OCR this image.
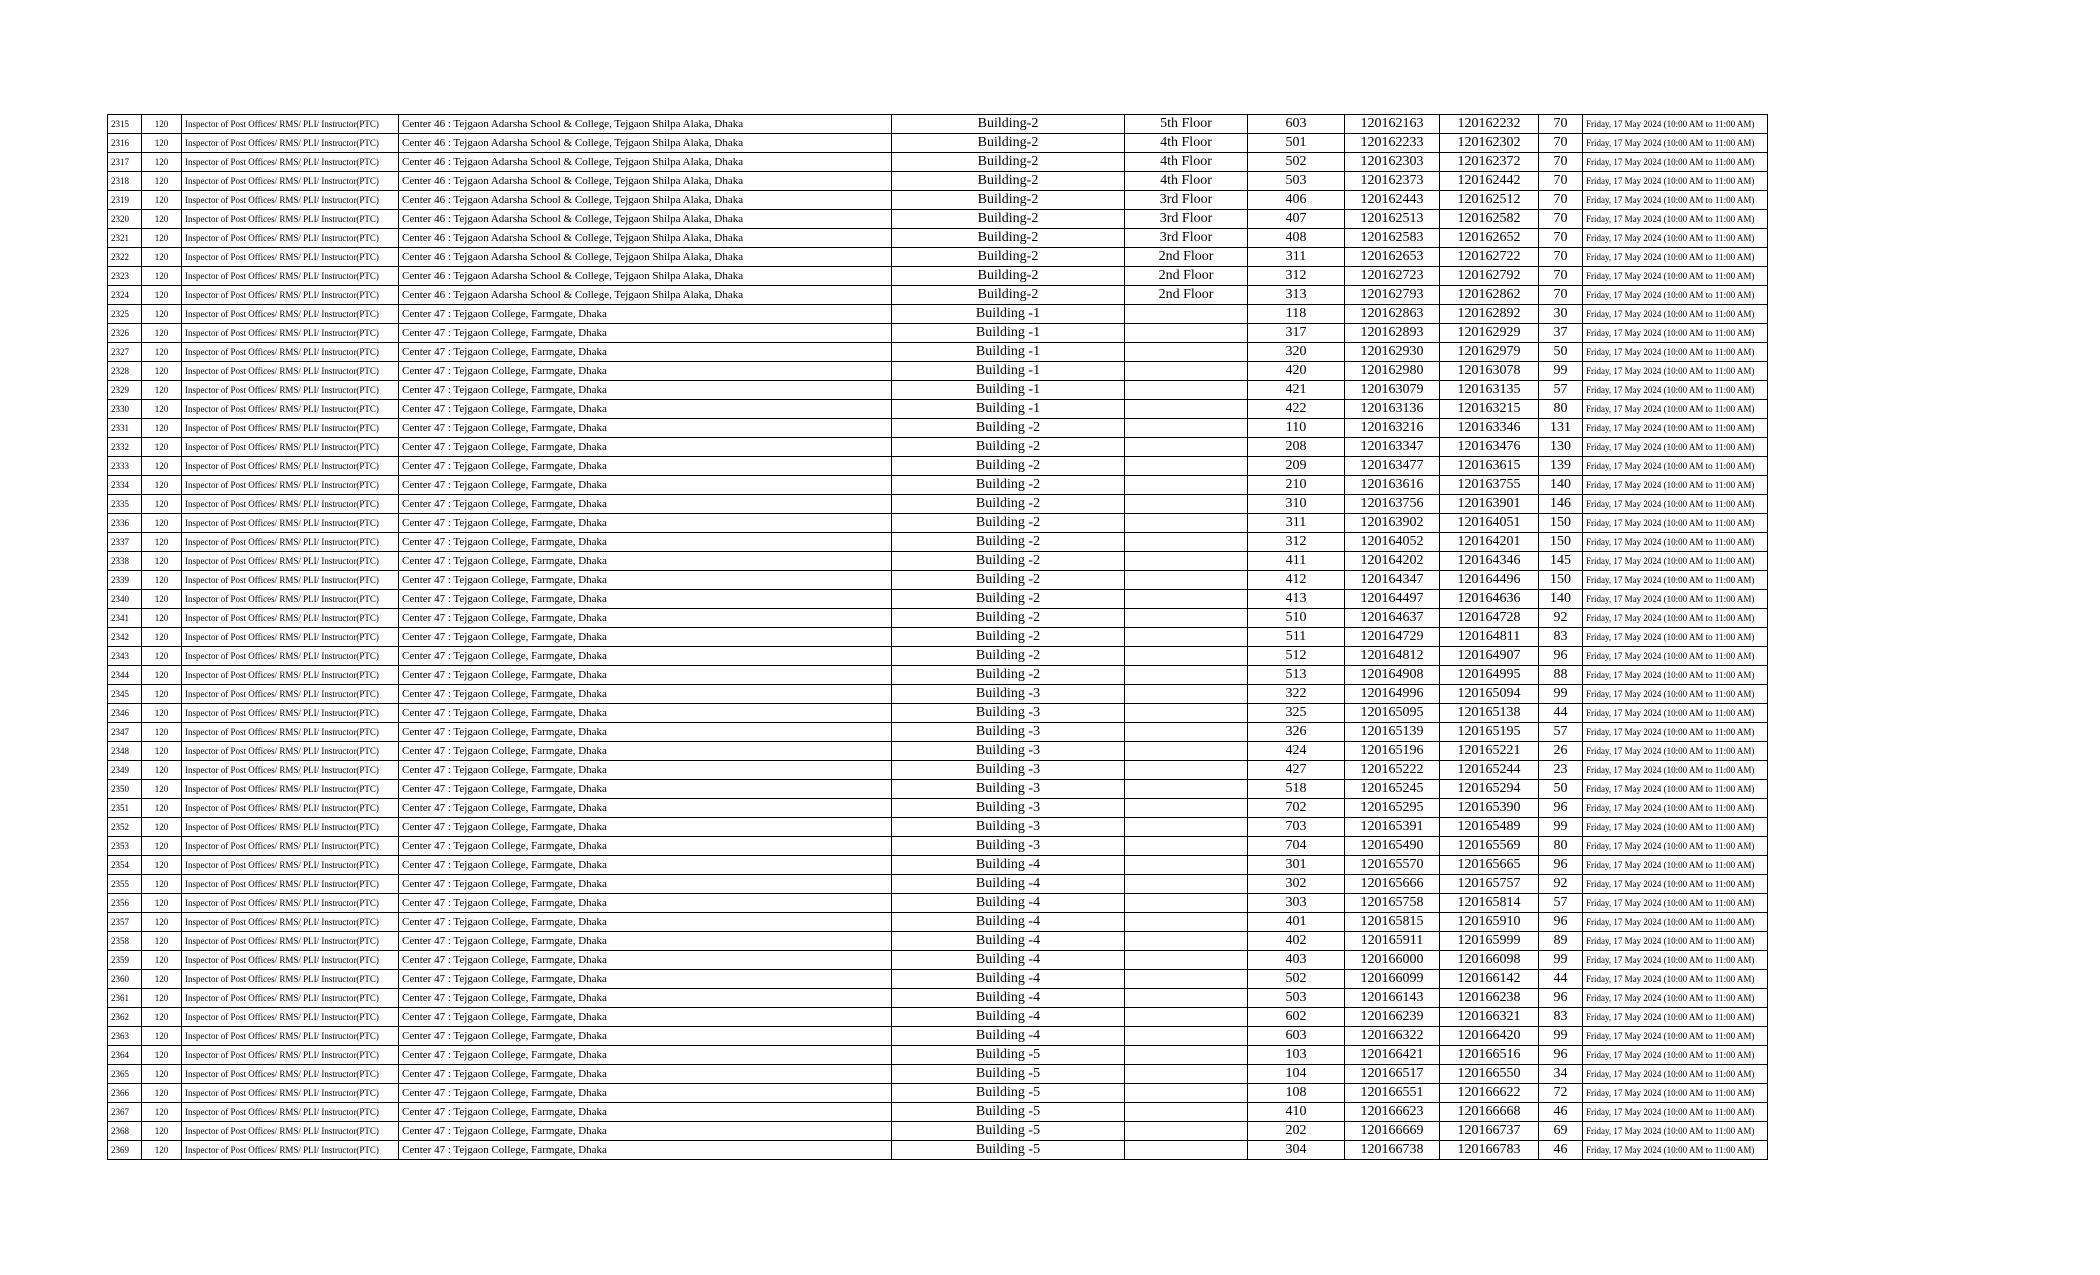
2315	120	Inspector of Post Offices/ RMS/ PLI/ Instructor(PTC)	Center 46 : Tejgaon Adarsha School & College, Tejgaon Shilpa Alaka, Dhaka	Building-2	5th Floor	603	120162163	120162232	70	Friday, 17 May 2024 (10:00 AM to 11:00 AM)
2316	120	Inspector of Post Offices/ RMS/ PLI/ Instructor(PTC)	Center 46 : Tejgaon Adarsha School & College, Tejgaon Shilpa Alaka, Dhaka	Building-2	4th Floor	501	120162233	120162302	70	Friday, 17 May 2024 (10:00 AM to 11:00 AM)
2317	120	Inspector of Post Offices/ RMS/ PLI/ Instructor(PTC)	Center 46 : Tejgaon Adarsha School & College, Tejgaon Shilpa Alaka, Dhaka	Building-2	4th Floor	502	120162303	120162372	70	Friday, 17 May 2024 (10:00 AM to 11:00 AM)
2318	120	Inspector of Post Offices/ RMS/ PLI/ Instructor(PTC)	Center 46 : Tejgaon Adarsha School & College, Tejgaon Shilpa Alaka, Dhaka	Building-2	4th Floor	503	120162373	120162442	70	Friday, 17 May 2024 (10:00 AM to 11:00 AM)
2319	120	Inspector of Post Offices/ RMS/ PLI/ Instructor(PTC)	Center 46 : Tejgaon Adarsha School & College, Tejgaon Shilpa Alaka, Dhaka	Building-2	3rd Floor	406	120162443	120162512	70	Friday, 17 May 2024 (10:00 AM to 11:00 AM)
2320	120	Inspector of Post Offices/ RMS/ PLI/ Instructor(PTC)	Center 46 : Tejgaon Adarsha School & College, Tejgaon Shilpa Alaka, Dhaka	Building-2	3rd Floor	407	120162513	120162582	70	Friday, 17 May 2024 (10:00 AM to 11:00 AM)
2321	120	Inspector of Post Offices/ RMS/ PLI/ Instructor(PTC)	Center 46 : Tejgaon Adarsha School & College, Tejgaon Shilpa Alaka, Dhaka	Building-2	3rd Floor	408	120162583	120162652	70	Friday, 17 May 2024 (10:00 AM to 11:00 AM)
2322	120	Inspector of Post Offices/ RMS/ PLI/ Instructor(PTC)	Center 46 : Tejgaon Adarsha School & College, Tejgaon Shilpa Alaka, Dhaka	Building-2	2nd Floor	311	120162653	120162722	70	Friday, 17 May 2024 (10:00 AM to 11:00 AM)
2323	120	Inspector of Post Offices/ RMS/ PLI/ Instructor(PTC)	Center 46 : Tejgaon Adarsha School & College, Tejgaon Shilpa Alaka, Dhaka	Building-2	2nd Floor	312	120162723	120162792	70	Friday, 17 May 2024 (10:00 AM to 11:00 AM)
2324	120	Inspector of Post Offices/ RMS/ PLI/ Instructor(PTC)	Center 46 : Tejgaon Adarsha School & College, Tejgaon Shilpa Alaka, Dhaka	Building-2	2nd Floor	313	120162793	120162862	70	Friday, 17 May 2024 (10:00 AM to 11:00 AM)
2325	120	Inspector of Post Offices/ RMS/ PLI/ Instructor(PTC)	Center 47 : Tejgaon College, Farmgate, Dhaka	Building -1		118	120162863	120162892	30	Friday, 17 May 2024 (10:00 AM to 11:00 AM)
2326	120	Inspector of Post Offices/ RMS/ PLI/ Instructor(PTC)	Center 47 : Tejgaon College, Farmgate, Dhaka	Building -1		317	120162893	120162929	37	Friday, 17 May 2024 (10:00 AM to 11:00 AM)
2327	120	Inspector of Post Offices/ RMS/ PLI/ Instructor(PTC)	Center 47 : Tejgaon College, Farmgate, Dhaka	Building -1		320	120162930	120162979	50	Friday, 17 May 2024 (10:00 AM to 11:00 AM)
2328	120	Inspector of Post Offices/ RMS/ PLI/ Instructor(PTC)	Center 47 : Tejgaon College, Farmgate, Dhaka	Building -1		420	120162980	120163078	99	Friday, 17 May 2024 (10:00 AM to 11:00 AM)
2329	120	Inspector of Post Offices/ RMS/ PLI/ Instructor(PTC)	Center 47 : Tejgaon College, Farmgate, Dhaka	Building -1		421	120163079	120163135	57	Friday, 17 May 2024 (10:00 AM to 11:00 AM)
2330	120	Inspector of Post Offices/ RMS/ PLI/ Instructor(PTC)	Center 47 : Tejgaon College, Farmgate, Dhaka	Building -1		422	120163136	120163215	80	Friday, 17 May 2024 (10:00 AM to 11:00 AM)
2331	120	Inspector of Post Offices/ RMS/ PLI/ Instructor(PTC)	Center 47 : Tejgaon College, Farmgate, Dhaka	Building -2		110	120163216	120163346	131	Friday, 17 May 2024 (10:00 AM to 11:00 AM)
2332	120	Inspector of Post Offices/ RMS/ PLI/ Instructor(PTC)	Center 47 : Tejgaon College, Farmgate, Dhaka	Building -2		208	120163347	120163476	130	Friday, 17 May 2024 (10:00 AM to 11:00 AM)
2333	120	Inspector of Post Offices/ RMS/ PLI/ Instructor(PTC)	Center 47 : Tejgaon College, Farmgate, Dhaka	Building -2		209	120163477	120163615	139	Friday, 17 May 2024 (10:00 AM to 11:00 AM)
2334	120	Inspector of Post Offices/ RMS/ PLI/ Instructor(PTC)	Center 47 : Tejgaon College, Farmgate, Dhaka	Building -2		210	120163616	120163755	140	Friday, 17 May 2024 (10:00 AM to 11:00 AM)
2335	120	Inspector of Post Offices/ RMS/ PLI/ Instructor(PTC)	Center 47 : Tejgaon College, Farmgate, Dhaka	Building -2		310	120163756	120163901	146	Friday, 17 May 2024 (10:00 AM to 11:00 AM)
2336	120	Inspector of Post Offices/ RMS/ PLI/ Instructor(PTC)	Center 47 : Tejgaon College, Farmgate, Dhaka	Building -2		311	120163902	120164051	150	Friday, 17 May 2024 (10:00 AM to 11:00 AM)
2337	120	Inspector of Post Offices/ RMS/ PLI/ Instructor(PTC)	Center 47 : Tejgaon College, Farmgate, Dhaka	Building -2		312	120164052	120164201	150	Friday, 17 May 2024 (10:00 AM to 11:00 AM)
2338	120	Inspector of Post Offices/ RMS/ PLI/ Instructor(PTC)	Center 47 : Tejgaon College, Farmgate, Dhaka	Building -2		411	120164202	120164346	145	Friday, 17 May 2024 (10:00 AM to 11:00 AM)
2339	120	Inspector of Post Offices/ RMS/ PLI/ Instructor(PTC)	Center 47 : Tejgaon College, Farmgate, Dhaka	Building -2		412	120164347	120164496	150	Friday, 17 May 2024 (10:00 AM to 11:00 AM)
2340	120	Inspector of Post Offices/ RMS/ PLI/ Instructor(PTC)	Center 47 : Tejgaon College, Farmgate, Dhaka	Building -2		413	120164497	120164636	140	Friday, 17 May 2024 (10:00 AM to 11:00 AM)
2341	120	Inspector of Post Offices/ RMS/ PLI/ Instructor(PTC)	Center 47 : Tejgaon College, Farmgate, Dhaka	Building -2		510	120164637	120164728	92	Friday, 17 May 2024 (10:00 AM to 11:00 AM)
2342	120	Inspector of Post Offices/ RMS/ PLI/ Instructor(PTC)	Center 47 : Tejgaon College, Farmgate, Dhaka	Building -2		511	120164729	120164811	83	Friday, 17 May 2024 (10:00 AM to 11:00 AM)
2343	120	Inspector of Post Offices/ RMS/ PLI/ Instructor(PTC)	Center 47 : Tejgaon College, Farmgate, Dhaka	Building -2		512	120164812	120164907	96	Friday, 17 May 2024 (10:00 AM to 11:00 AM)
2344	120	Inspector of Post Offices/ RMS/ PLI/ Instructor(PTC)	Center 47 : Tejgaon College, Farmgate, Dhaka	Building -2		513	120164908	120164995	88	Friday, 17 May 2024 (10:00 AM to 11:00 AM)
2345	120	Inspector of Post Offices/ RMS/ PLI/ Instructor(PTC)	Center 47 : Tejgaon College, Farmgate, Dhaka	Building -3		322	120164996	120165094	99	Friday, 17 May 2024 (10:00 AM to 11:00 AM)
2346	120	Inspector of Post Offices/ RMS/ PLI/ Instructor(PTC)	Center 47 : Tejgaon College, Farmgate, Dhaka	Building -3		325	120165095	120165138	44	Friday, 17 May 2024 (10:00 AM to 11:00 AM)
2347	120	Inspector of Post Offices/ RMS/ PLI/ Instructor(PTC)	Center 47 : Tejgaon College, Farmgate, Dhaka	Building -3		326	120165139	120165195	57	Friday, 17 May 2024 (10:00 AM to 11:00 AM)
2348	120	Inspector of Post Offices/ RMS/ PLI/ Instructor(PTC)	Center 47 : Tejgaon College, Farmgate, Dhaka	Building -3		424	120165196	120165221	26	Friday, 17 May 2024 (10:00 AM to 11:00 AM)
2349	120	Inspector of Post Offices/ RMS/ PLI/ Instructor(PTC)	Center 47 : Tejgaon College, Farmgate, Dhaka	Building -3		427	120165222	120165244	23	Friday, 17 May 2024 (10:00 AM to 11:00 AM)
2350	120	Inspector of Post Offices/ RMS/ PLI/ Instructor(PTC)	Center 47 : Tejgaon College, Farmgate, Dhaka	Building -3		518	120165245	120165294	50	Friday, 17 May 2024 (10:00 AM to 11:00 AM)
2351	120	Inspector of Post Offices/ RMS/ PLI/ Instructor(PTC)	Center 47 : Tejgaon College, Farmgate, Dhaka	Building -3		702	120165295	120165390	96	Friday, 17 May 2024 (10:00 AM to 11:00 AM)
2352	120	Inspector of Post Offices/ RMS/ PLI/ Instructor(PTC)	Center 47 : Tejgaon College, Farmgate, Dhaka	Building -3		703	120165391	120165489	99	Friday, 17 May 2024 (10:00 AM to 11:00 AM)
2353	120	Inspector of Post Offices/ RMS/ PLI/ Instructor(PTC)	Center 47 : Tejgaon College, Farmgate, Dhaka	Building -3		704	120165490	120165569	80	Friday, 17 May 2024 (10:00 AM to 11:00 AM)
2354	120	Inspector of Post Offices/ RMS/ PLI/ Instructor(PTC)	Center 47 : Tejgaon College, Farmgate, Dhaka	Building -4		301	120165570	120165665	96	Friday, 17 May 2024 (10:00 AM to 11:00 AM)
2355	120	Inspector of Post Offices/ RMS/ PLI/ Instructor(PTC)	Center 47 : Tejgaon College, Farmgate, Dhaka	Building -4		302	120165666	120165757	92	Friday, 17 May 2024 (10:00 AM to 11:00 AM)
2356	120	Inspector of Post Offices/ RMS/ PLI/ Instructor(PTC)	Center 47 : Tejgaon College, Farmgate, Dhaka	Building -4		303	120165758	120165814	57	Friday, 17 May 2024 (10:00 AM to 11:00 AM)
2357	120	Inspector of Post Offices/ RMS/ PLI/ Instructor(PTC)	Center 47 : Tejgaon College, Farmgate, Dhaka	Building -4		401	120165815	120165910	96	Friday, 17 May 2024 (10:00 AM to 11:00 AM)
2358	120	Inspector of Post Offices/ RMS/ PLI/ Instructor(PTC)	Center 47 : Tejgaon College, Farmgate, Dhaka	Building -4		402	120165911	120165999	89	Friday, 17 May 2024 (10:00 AM to 11:00 AM)
2359	120	Inspector of Post Offices/ RMS/ PLI/ Instructor(PTC)	Center 47 : Tejgaon College, Farmgate, Dhaka	Building -4		403	120166000	120166098	99	Friday, 17 May 2024 (10:00 AM to 11:00 AM)
2360	120	Inspector of Post Offices/ RMS/ PLI/ Instructor(PTC)	Center 47 : Tejgaon College, Farmgate, Dhaka	Building -4		502	120166099	120166142	44	Friday, 17 May 2024 (10:00 AM to 11:00 AM)
2361	120	Inspector of Post Offices/ RMS/ PLI/ Instructor(PTC)	Center 47 : Tejgaon College, Farmgate, Dhaka	Building -4		503	120166143	120166238	96	Friday, 17 May 2024 (10:00 AM to 11:00 AM)
2362	120	Inspector of Post Offices/ RMS/ PLI/ Instructor(PTC)	Center 47 : Tejgaon College, Farmgate, Dhaka	Building -4		602	120166239	120166321	83	Friday, 17 May 2024 (10:00 AM to 11:00 AM)
2363	120	Inspector of Post Offices/ RMS/ PLI/ Instructor(PTC)	Center 47 : Tejgaon College, Farmgate, Dhaka	Building -4		603	120166322	120166420	99	Friday, 17 May 2024 (10:00 AM to 11:00 AM)
2364	120	Inspector of Post Offices/ RMS/ PLI/ Instructor(PTC)	Center 47 : Tejgaon College, Farmgate, Dhaka	Building -5		103	120166421	120166516	96	Friday, 17 May 2024 (10:00 AM to 11:00 AM)
2365	120	Inspector of Post Offices/ RMS/ PLI/ Instructor(PTC)	Center 47 : Tejgaon College, Farmgate, Dhaka	Building -5		104	120166517	120166550	34	Friday, 17 May 2024 (10:00 AM to 11:00 AM)
2366	120	Inspector of Post Offices/ RMS/ PLI/ Instructor(PTC)	Center 47 : Tejgaon College, Farmgate, Dhaka	Building -5		108	120166551	120166622	72	Friday, 17 May 2024 (10:00 AM to 11:00 AM)
2367	120	Inspector of Post Offices/ RMS/ PLI/ Instructor(PTC)	Center 47 : Tejgaon College, Farmgate, Dhaka	Building -5		410	120166623	120166668	46	Friday, 17 May 2024 (10:00 AM to 11:00 AM)
2368	120	Inspector of Post Offices/ RMS/ PLI/ Instructor(PTC)	Center 47 : Tejgaon College, Farmgate, Dhaka	Building -5		202	120166669	120166737	69	Friday, 17 May 2024 (10:00 AM to 11:00 AM)
2369	120	Inspector of Post Offices/ RMS/ PLI/ Instructor(PTC)	Center 47 : Tejgaon College, Farmgate, Dhaka	Building -5		304	120166738	120166783	46	Friday, 17 May 2024 (10:00 AM to 11:00 AM)
